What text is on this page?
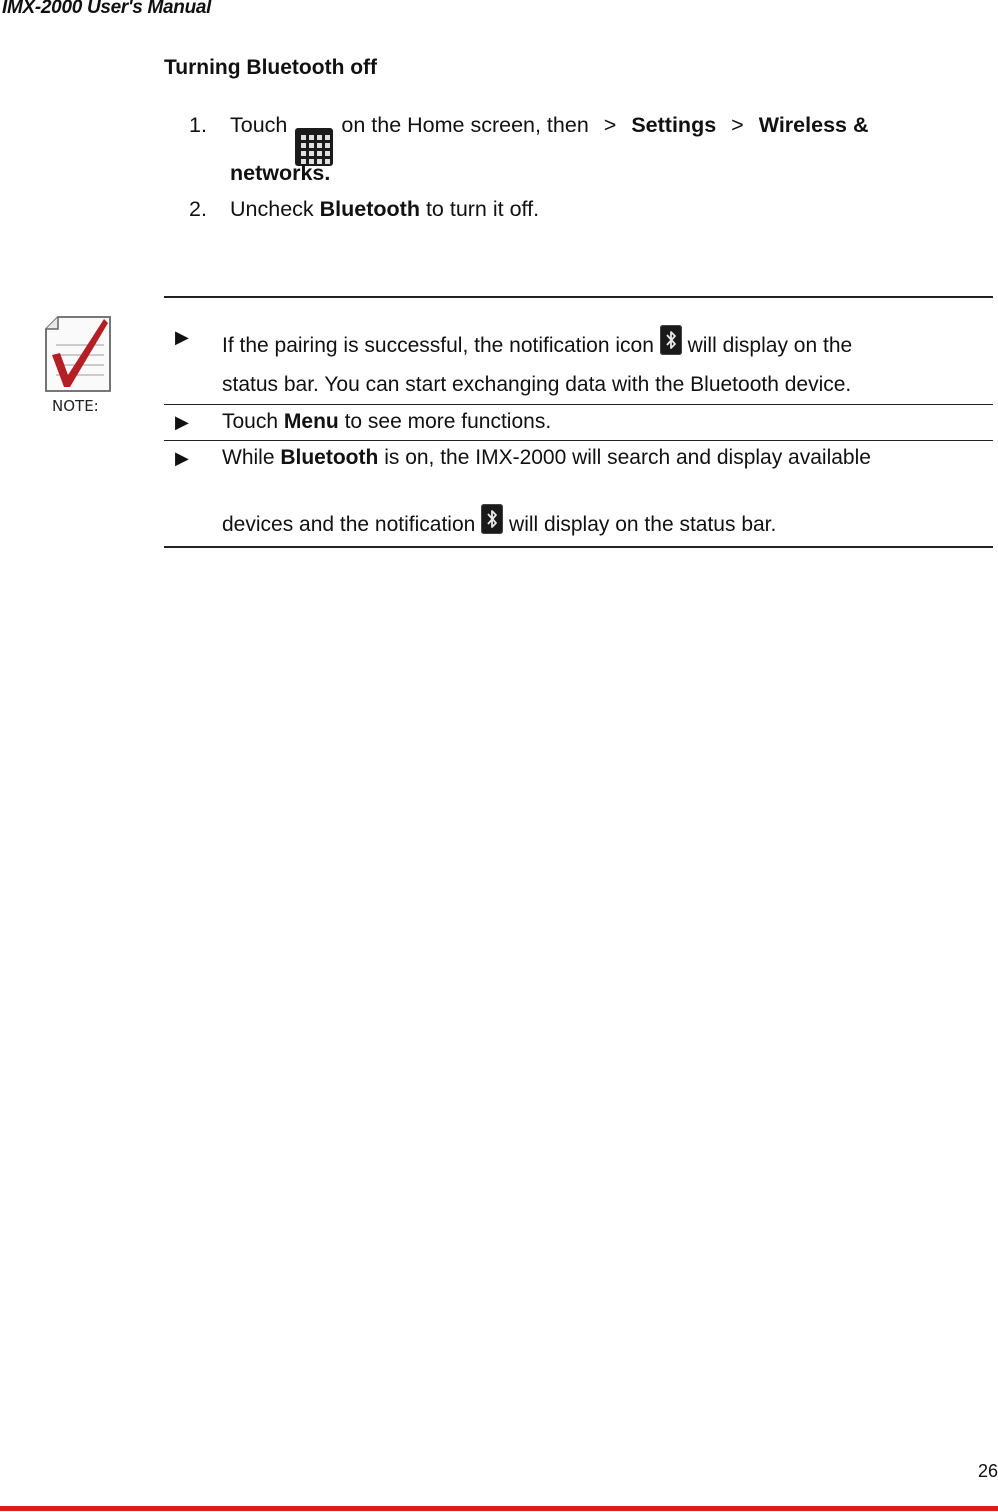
IMX-2000 User's Manual
Turning Bluetooth off
1. Touch	on the Home screen, then > Settings > Wireless &
networks.
2. Uncheck Bluetooth to turn it off.
NOTE:
▶ If the pairing is successful, the notification icon will display on the
status bar. You can start exchanging data with the Bluetooth device.
▶ Touch Menu to see more functions.
▶ While Bluetooth is on, the IMX-2000 will search and display available
devices and the notification will display on the status bar.
26
